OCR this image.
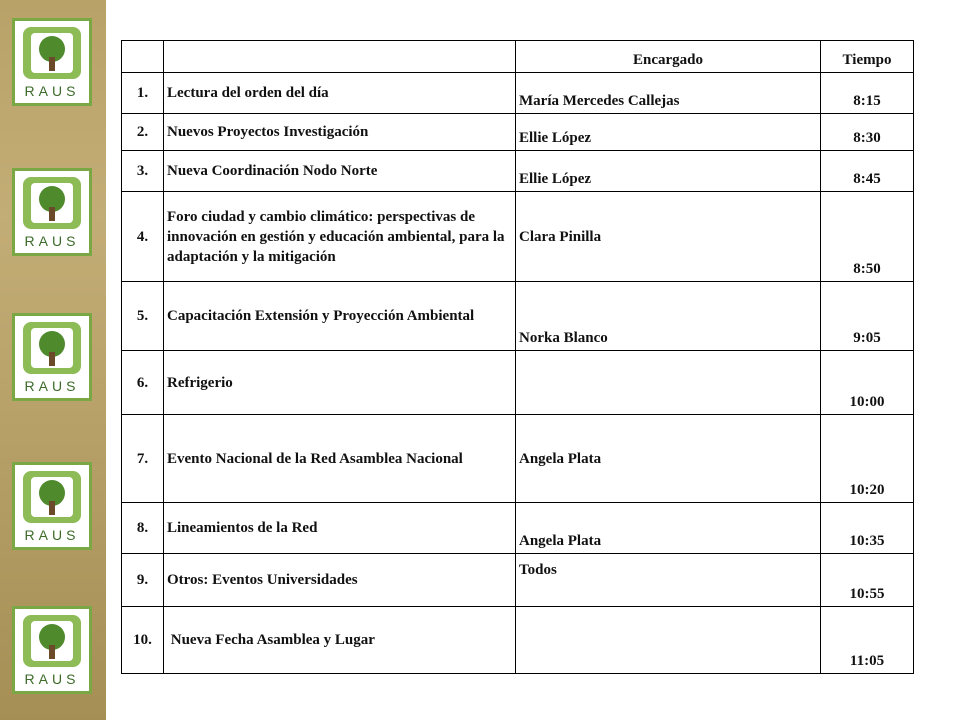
RAUS
RAUS
RAUS
RAUS
RAUS
		Encargado	Tiempo
1.	Lectura del orden del día	María Mercedes Callejas	8:15
2.	Nuevos Proyectos Investigación	Ellie López	8:30
3.	Nueva Coordinación Nodo Norte	Ellie López	8:45
4.	Foro ciudad y cambio climático: perspectivas de innovación en gestión y educación ambiental, para la adaptación y la mitigación	Clara Pinilla	8:50
5.	Capacitación Extensión y Proyección Ambiental	Norka Blanco	9:05
6.	Refrigerio		10:00
7.	Evento Nacional de la Red Asamblea Nacional	Angela Plata	10:20
8.	Lineamientos de la Red	Angela Plata	10:35
9.	Otros: Eventos Universidades	Todos	10:55
10.	Nueva Fecha Asamblea y Lugar		11:05
